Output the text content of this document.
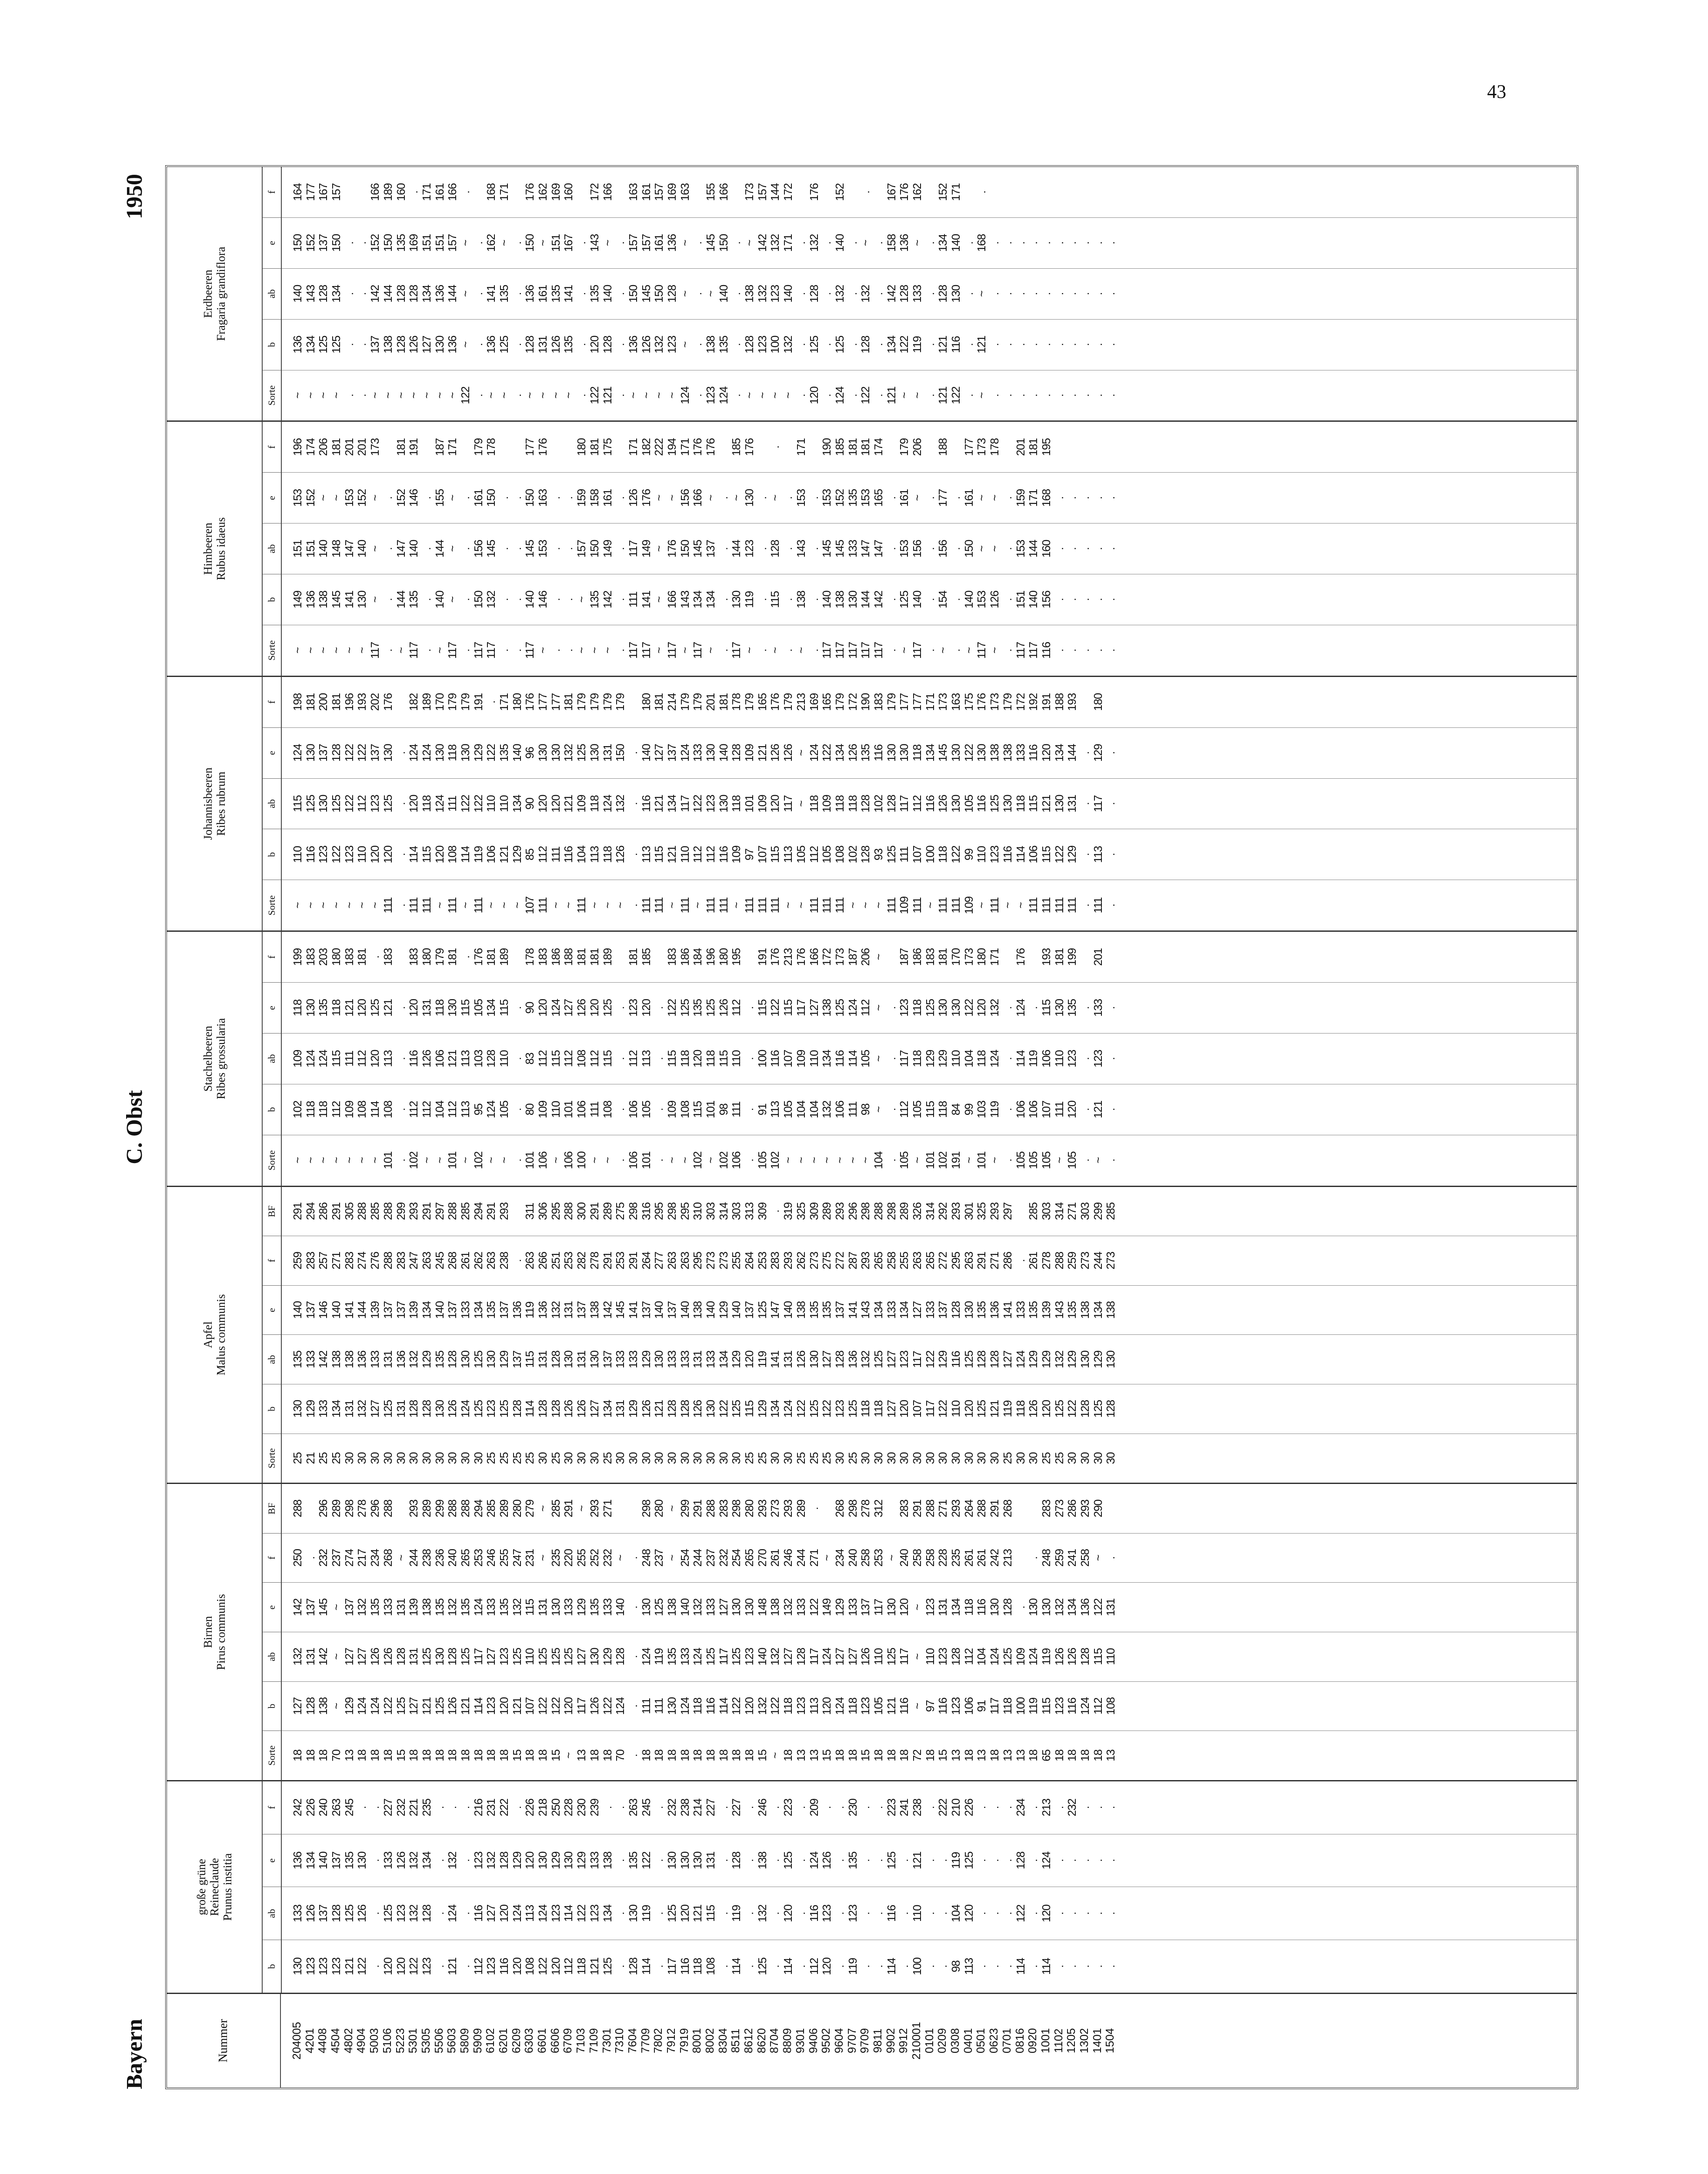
43
Bayern
C. Obst
1950
Nummer	204005 4201 4408 4504 4802 4904 5003 5106 5223 5301 5305 5506 5603 5809 5909 6102 6201 6209 6303 6601 6606 6709 7103 7109 7301 7310 7604 7709 7802 7912 7919 8001 8002 8304 8511 8612 8620 8704 8809 9301 9406 9502 9604 9707 9709 9811 9902 9912 210001 0101 0209 0308 0401 0501 0623 0701 0816 0920 1001 1102 1205 1302 1401 1504
große grüne Reineclaude Prunus institia
b
ab
e
f
130 123 123 123 121 122 . 120 120 122 123 . 121 . 112 123 116 120 108 122 120 112 118 121 125 . 128 114 . 117 116 118 108 . 114 . 125 . 114 . 112 120 . 119 . . 114 . 100 . . 98 113 . . . 114 . 114 . . . . .
133 126 137 128 125 126 . 125 123 132 128 . 124 . 116 127 120 124 113 124 123 114 122 123 134 . 130 119 . 125 120 121 115 . 119 . 132 . 120 . 116 123 . 123 . . 116 . 110 . . 104 120 . . . 122 . 120 . . . . .
136 134 140 137 135 130 . 133 126 132 134 . 132 . 123 132 128 129 120 130 129 130 129 133 138 . 135 122 . 130 130 130 131 . 128 . 138 . 125 . 124 126 . 135 . . 125 . 121 . . 119 125 . . . 128 . 124 . . . . .
242 226 240 263 245 . . 227 232 221 235 . . . 216 231 222 . 226 218 250 228 230 239 . . 263 245 . 232 238 214 227 . 227 . 246 . 223 . 209 . . 230 . . 223 241 238 . 222 210 226 . . . 234 . 213 . 232 . . .
Birnen Pirus communis
Sorte
b
ab
e
f
BF
18 18 18 70 13 18 18 18 15 18 18 18 18 18 18 18 18 15 18 18 15 ~ 13 18 18 70 . 18 18 18 18 18 18 18 18 18 15 ~ 18 13 13 15 18 18 15 18 18 18 72 18 15 13 18 13 18 13 13 18 65 18 18 18 18 13
127 128 138 ~ 129 124 124 122 125 127 121 125 126 121 114 123 120 121 107 122 122 120 117 126 122 124 . 111 111 130 124 118 116 114 122 120 132 122 118 123 113 120 124 118 123 105 121 116 ~ 97 116 123 106 91 117 118 100 119 115 123 116 124 112 108
132 131 142 ~ 127 127 126 126 128 131 125 130 128 125 117 127 123 125 110 125 125 125 127 130 129 128 . 124 119 135 133 124 125 117 125 123 140 132 127 128 117 124 127 127 126 110 125 117 ~ 110 123 128 112 104 124 125 109 124 119 126 126 128 115 110
142 137 145 ~ 137 132 135 133 131 139 138 135 132 135 124 133 135 132 115 131 130 133 129 135 133 140 . 130 125 138 140 132 133 127 130 130 148 138 132 133 122 149 129 133 137 117 130 120 ~ 123 131 134 118 116 130 128 . 130 130 132 134 136 122 131
250 . 232 237 274 217 234 268 ~ 244 238 236 240 265 253 246 255 247 231 ~ 235 220 255 252 232 ~ . 248 237 ~ 254 244 237 232 254 265 270 261 246 244 271 ~ 234 240 258 253 ~ 240 258 258 228 235 261 261 242 213 . 248 259 241 258 ~ .
288 296 289 298 278 296 288 293 289 299 288 288 294 285 289 280 279 ~ 285 291 ~ 293 271 298 280 ~ 299 291 288 283 298 280 293 273 293 289 . 268 298 278 312 283 291 288 271 293 264 288 291 268 283 273 286 293 290
Apfel Malus communis
Sorte
b
ab
e
f
BF
25 21 25 25 30 30 30 30 30 30 30 30 30 30 30 25 25 25 25 30 25 30 30 30 25 30 30 30 30 30 30 30 30 30 30 25 25 30 30 25 25 25 30 25 30 30 30 30 30 30 30 30 30 30 30 25 30 30 25 25 30 30 30 30
130 129 133 134 131 132 127 125 131 128 128 130 126 124 125 123 125 128 114 128 128 126 126 127 134 131 129 126 121 128 128 126 130 122 125 115 129 134 124 122 125 122 123 125 118 118 127 120 107 117 122 110 120 125 121 119 118 126 120 125 122 128 125 128
135 133 142 138 138 136 133 131 136 132 129 135 128 130 125 130 129 137 115 131 128 130 131 130 137 133 133 129 130 133 133 131 133 134 129 120 119 141 131 126 130 127 128 136 132 125 127 123 117 122 129 116 125 128 128 127 124 129 129 132 129 130 129 130
140 137 146 140 141 144 139 137 137 139 134 140 137 133 134 135 137 136 119 136 132 131 137 138 142 145 141 137 140 137 140 138 140 129 140 137 125 147 140 138 135 135 137 141 143 134 133 134 127 133 137 128 130 135 136 141 133 135 139 143 135 138 134 138
259 283 257 271 283 274 276 288 283 247 263 245 268 261 262 263 238 . 263 266 251 253 282 278 291 253 291 264 277 263 263 295 273 273 255 264 253 283 293 262 273 275 272 287 293 265 258 255 263 265 272 295 263 291 271 286 . 261 278 288 259 273 244 273
291 294 286 291 305 288 285 288 299 293 291 297 288 285 294 291 293 311 306 295 288 300 291 289 275 298 316 295 298 295 310 303 314 303 313 309 . 319 325 309 289 293 296 298 288 298 289 326 314 292 293 301 325 293 297 285 303 314 271 303 299 285
Stachelbeeren Ribes grossularia
Sorte
b
ab
e
f
~ ~ ~ ~ ~ ~ ~ 101 . 102 ~ ~ 101 ~ 102 ~ ~ . 101 106 ~ 106 100 ~ ~ . 106 101 . ~ ~ 102 ~ 102 106 . 105 102 ~ ~ ~ ~ ~ ~ ~ 104 . 105 ~ 101 102 191 ~ 101 ~ . 105 105 105 ~ 105 . ~ .
102 118 118 112 109 108 114 108 . 112 112 104 112 113 95 124 105 . 80 109 110 101 106 111 108 . 106 105 . 109 108 115 101 98 111 . 91 113 105 104 104 132 106 111 98 ~ . 112 105 115 118 84 99 103 119 . 106 106 107 111 120 . 121 .
109 124 124 115 111 112 120 113 . 116 126 106 121 113 103 128 110 . 83 112 115 112 108 112 115 . 112 113 . 115 118 120 118 115 110 . 100 116 107 109 110 134 116 114 105 ~ . 117 118 129 129 110 104 118 124 . 114 119 106 110 123 . 123 .
118 130 135 118 121 120 125 121 . 120 131 118 130 115 105 134 115 . 90 120 124 127 126 120 125 . 123 120 . 122 125 135 125 126 112 . 115 122 115 117 127 138 125 124 112 ~ . 123 118 125 130 130 122 120 132 . 124 . 115 130 135 . 133 .
199 183 203 180 183 181 . 183 183 180 179 181 . 176 181 189 178 183 186 188 181 181 189 181 185 183 186 184 196 180 195 191 176 213 176 166 172 173 187 206 ~ 187 186 183 181 170 173 180 171 176 193 181 199 201
Johannisbeeren Ribes rubrum
Sorte
b
ab
e
f
~ ~ ~ ~ ~ ~ ~ 111 . 111 111 ~ 111 ~ 111 ~ ~ ~ 107 111 ~ ~ 111 ~ ~ ~ . 111 111 ~ 111 ~ 111 111 ~ 111 111 111 ~ ~ 111 111 111 ~ ~ ~ 111 109 111 ~ 111 111 109 ~ 111 ~ ~ 111 111 111 111 . 111 .
110 116 123 122 123 110 120 120 . 114 115 120 108 114 119 106 121 129 85 112 111 116 104 113 118 126 . 113 115 121 110 112 112 116 109 97 107 115 113 105 112 105 108 102 128 93 125 111 107 100 118 122 99 110 123 116 114 106 115 122 129 . 113 .
115 125 130 125 122 112 123 125 . 120 118 124 111 122 122 110 110 134 90 120 120 121 109 118 124 132 . 116 121 134 117 122 123 130 118 101 109 120 117 ~ 118 109 118 118 128 102 128 117 112 116 126 130 105 116 125 130 118 115 121 130 131 . 117 .
124 130 137 128 122 122 137 130 . 124 124 130 118 130 129 122 135 140 96 130 130 132 125 130 131 150 . 140 127 137 124 133 130 140 128 109 121 126 126 ~ 124 122 134 126 135 116 130 130 118 134 145 130 122 130 138 138 133 116 120 134 144 . 129 .
198 181 200 181 196 193 202 176 182 189 170 179 179 191 . 171 180 176 177 177 181 179 179 179 179 180 181 214 179 179 201 181 178 179 165 176 179 213 169 165 179 172 190 183 179 177 177 171 173 163 175 176 173 179 172 192 191 188 193 180
Himbeeren Rubus idaeus
Sorte
b
ab
e
f
~ ~ ~ ~ ~ ~ 117 . ~ 117 . ~ 117 . 117 117 . . 117 ~ . . ~ ~ ~ . 117 117 ~ 117 ~ 117 ~ . 117 ~ . ~ . ~ . 117 117 117 117 117 . ~ 117 . ~ . ~ 117 ~ . 117 117 116 . . . . .
149 136 138 145 141 130 ~ . 144 135 . 140 ~ . 150 132 . . 140 146 . . ~ 135 142 . 111 141 ~ 166 143 134 134 . 130 119 . 115 . 138 . 140 138 130 144 142 . 125 140 . 154 . 140 153 126 . 151 140 156 . . . . .
151 151 140 148 147 140 ~ . 147 140 . 144 ~ . 156 145 . . 145 153 . . 157 150 149 . 117 149 ~ 176 150 145 137 . 144 123 . 128 . 143 . 145 145 133 147 147 . 153 156 . 156 . 150 ~ ~ . 153 144 160 . . . . .
153 152 ~ ~ 153 152 ~ . 152 146 . 155 ~ . 161 150 . . 150 163 . . 159 158 161 . 126 176 ~ ~ 156 166 ~ . ~ 130 . ~ . 153 . 153 152 135 153 165 . 161 ~ . 177 . 161 ~ ~ . 159 171 168 . . . . .
196 174 206 181 201 201 173 181 191 187 171 179 178 177 176 180 181 175 171 182 222 194 171 176 176 185 176 . 171 190 185 181 181 174 179 206 188 177 173 178 201 181 195
Erdbeeren Fragaria grandiflora
Sorte
b
ab
e
f
~ ~ ~ ~ . . ~ ~ ~ ~ ~ ~ ~ 122 . ~ ~ . ~ ~ ~ ~ . 122 121 . ~ ~ ~ ~ 124 . 123 124 . ~ ~ ~ ~ . 120 . 124 . 122 . 121 ~ ~ . 121 122 . ~ . . . . . . . . . .
136 134 125 125 . . 137 138 128 126 127 130 136 ~ . 136 125 . 128 131 126 135 . 120 128 . 136 126 132 123 ~ . 138 135 . 128 123 100 132 . 125 . 125 . 128 . 134 122 119 . 121 116 . 121 . . . . . . . . . .
140 143 128 134 . . 142 144 128 128 134 136 144 ~ . 141 135 . 136 161 135 141 . 135 140 . 150 145 150 128 ~ . ~ 140 . 138 132 123 140 . 128 . 132 . 132 . 142 128 133 . 128 130 . ~ . . . . . . . . . .
150 152 137 150 . . 152 150 135 169 151 151 157 ~ . 162 ~ . 150 ~ 151 167 . 143 ~ . 157 157 161 136 ~ . 145 150 . ~ 142 132 171 . 132 . 140 . ~ . 158 136 ~ . 134 140 . 168 . . . . . . . . . .
164 177 167 157 166 189 160 . 171 161 166 . 168 171 176 162 169 160 172 166 163 161 157 169 163 155 166 173 157 144 172 176 152 . 167 176 162 152 171 .
